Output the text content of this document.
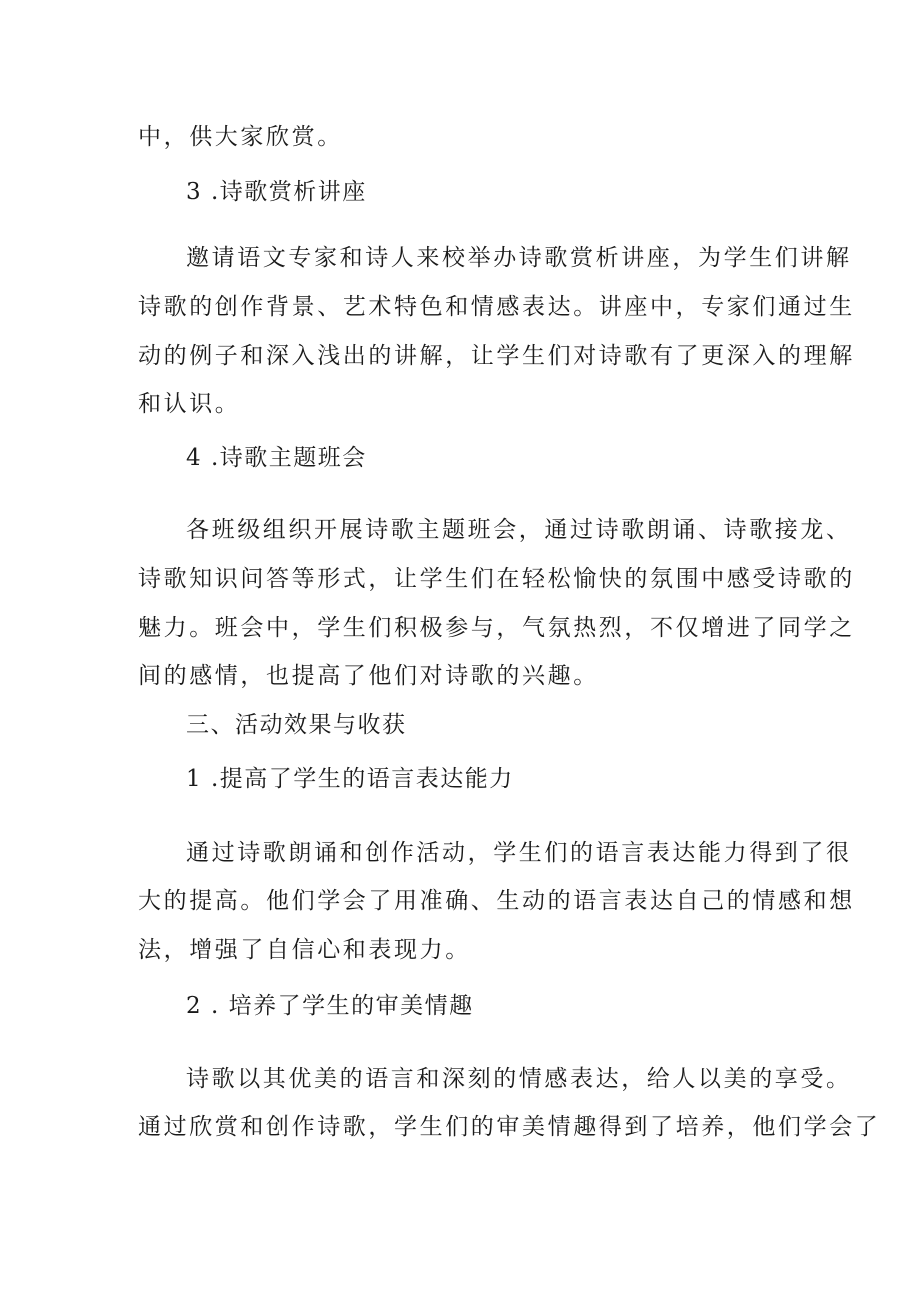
中，供大家欣赏。
3 .诗歌赏析讲座
邀请语文专家和诗人来校举办诗歌赏析讲座，为学生们讲解
诗歌的创作背景、艺术特色和情感表达。讲座中，专家们通过生
动的例子和深入浅出的讲解，让学生们对诗歌有了更深入的理解
和认识。
4 .诗歌主题班会
各班级组织开展诗歌主题班会，通过诗歌朗诵、诗歌接龙、
诗歌知识问答等形式，让学生们在轻松愉快的氛围中感受诗歌的
魅力。班会中，学生们积极参与，气氛热烈，不仅增进了同学之
间的感情，也提高了他们对诗歌的兴趣。
三、活动效果与收获
1 .提高了学生的语言表达能力
通过诗歌朗诵和创作活动，学生们的语言表达能力得到了很
大的提高。他们学会了用准确、生动的语言表达自己的情感和想
法，增强了自信心和表现力。
2 . 培养了学生的审美情趣
诗歌以其优美的语言和深刻的情感表达，给人以美的享受。
通过欣赏和创作诗歌，学生们的审美情趣得到了培养，他们学会了
